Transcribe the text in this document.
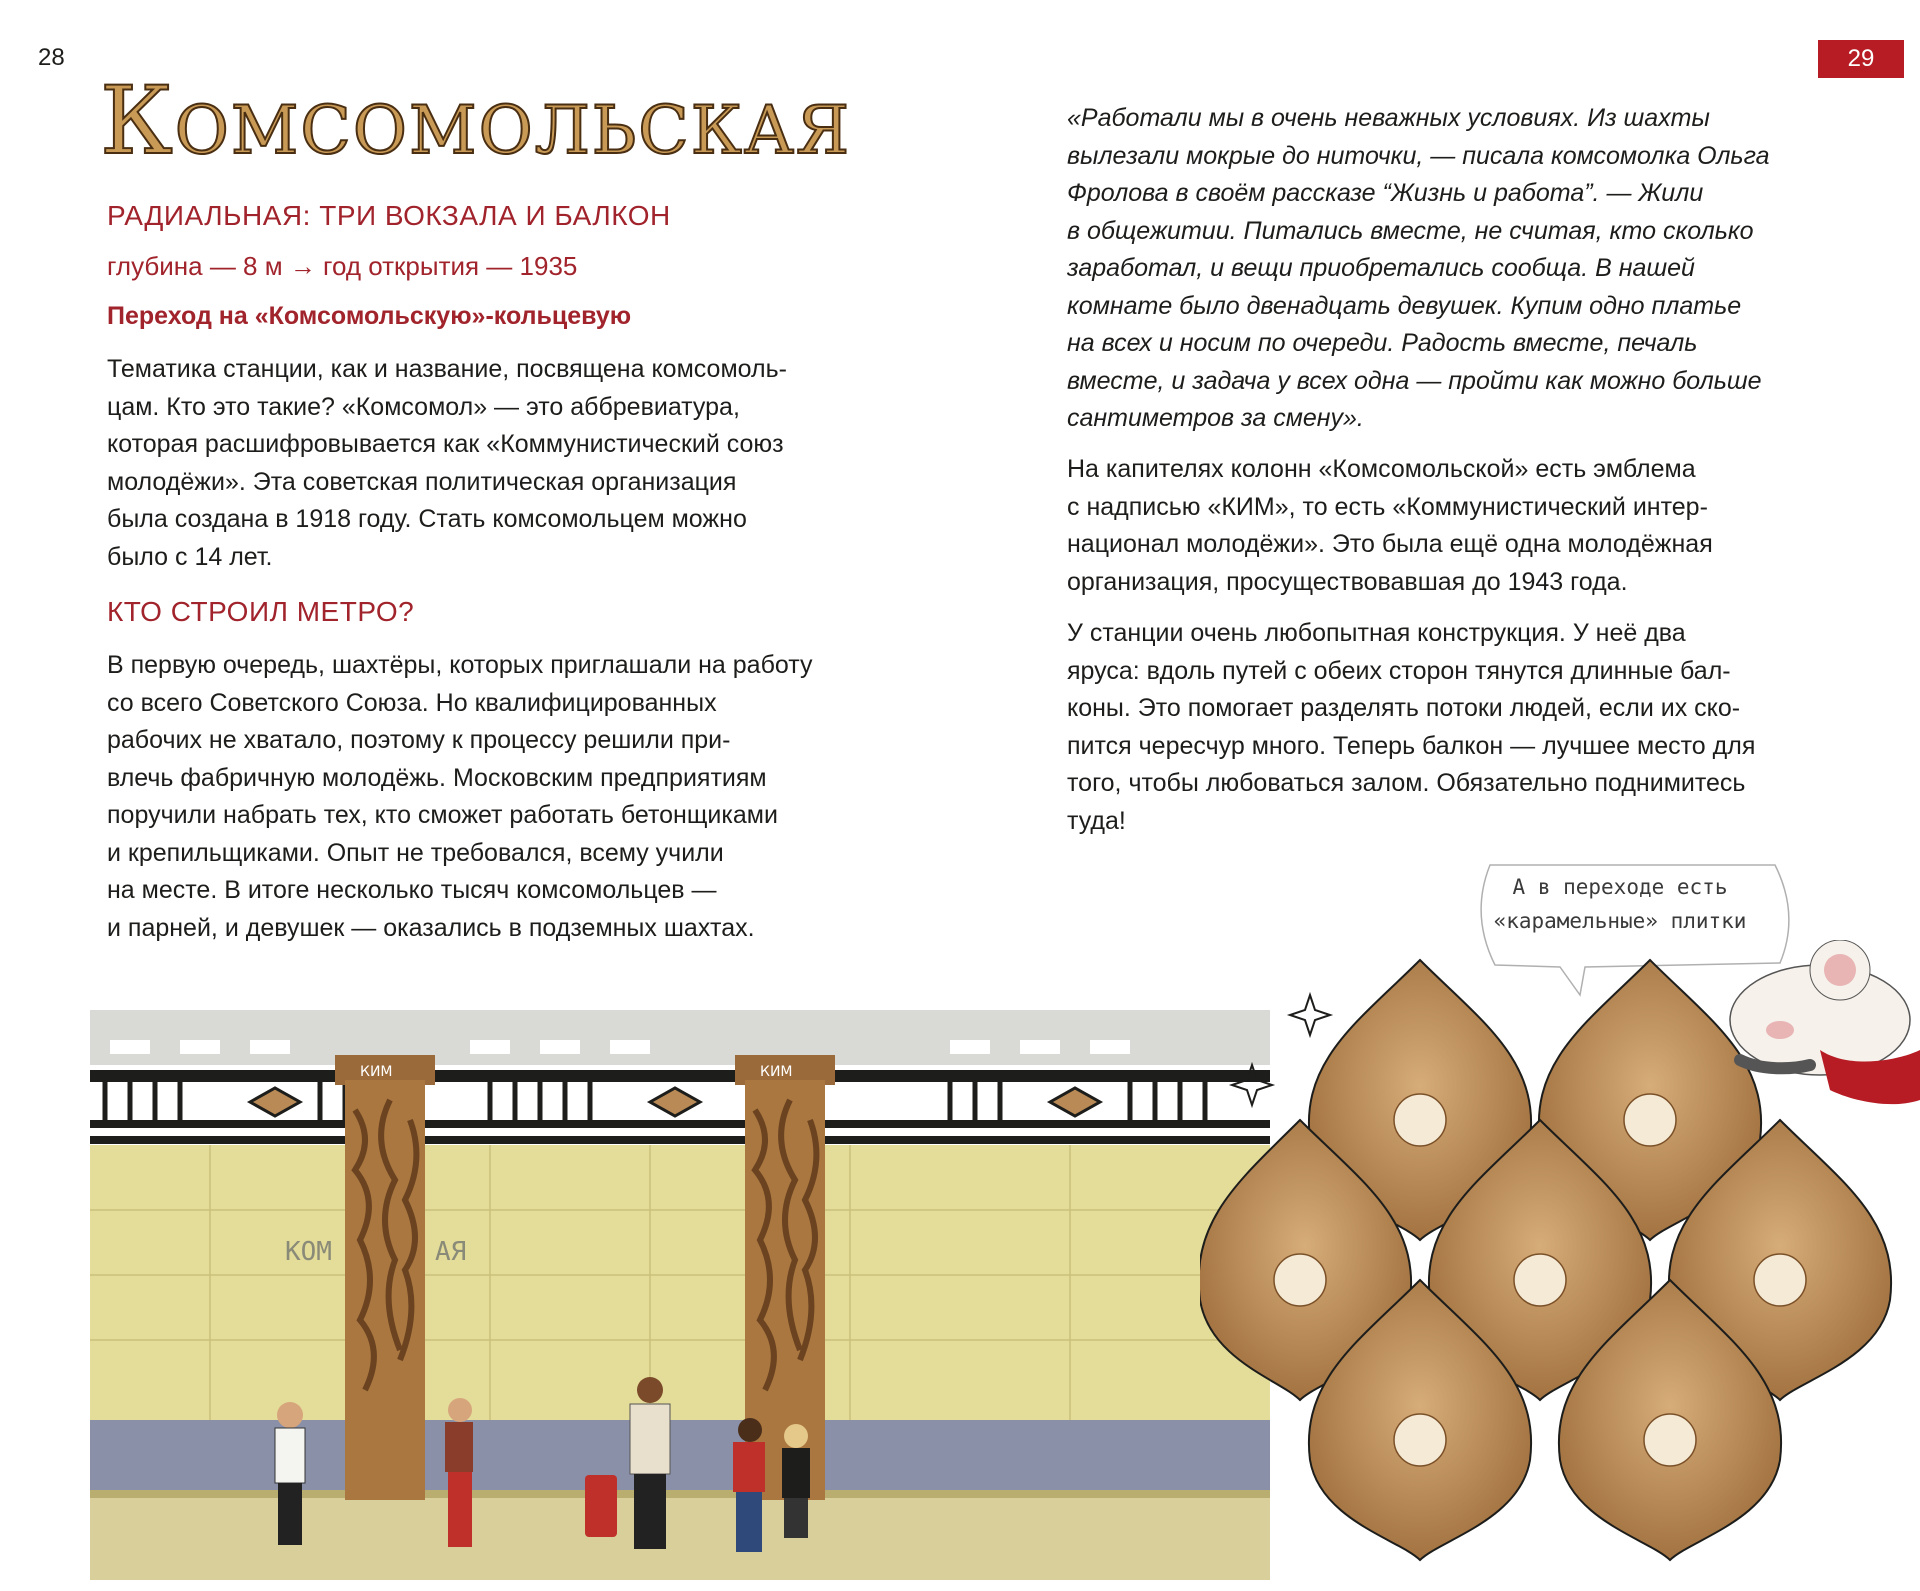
28	29
Комсомольская
РАДИАЛЬНАЯ: ТРИ ВОКЗАЛА И БАЛКОН
глубина — 8 м → год открытия — 1935
Переход на «Комсомольскую»-кольцевую
Тематика станции, как и название, посвящена комсомоль-
цам. Кто это такие? «Комсомол» — это аббревиатура,
которая расшифровывается как «Коммунистический союз
молодёжи». Эта советская политическая организация
была создана в 1918 году. Стать комсомольцем можно
было с 14 лет.
КТО СТРОИЛ МЕТРО?
В первую очередь, шахтёры, которых приглашали на работу
со всего Советского Союза. Но квалифицированных
рабочих не хватало, поэтому к процессу решили при-
влечь фабричную молодёжь. Московским предприятиям
поручили набрать тех, кто сможет работать бетонщиками
и крепильщиками. Опыт не требовался, всему учили
на месте. В итоге несколько тысяч комсомольцев —
и парней, и девушек — оказались в подземных шахтах.
«Работали мы в очень неважных условиях. Из шахты
вылезали мокрые до ниточки, — писала комсомолка Ольга
Фролова в своём рассказе “Жизнь и работа”. — Жили
в общежитии. Питались вместе, не считая, кто сколько
заработал, и вещи приобретались сообща. В нашей
комнате было двенадцать девушек. Купим одно платье
на всех и носим по очереди. Радость вместе, печаль
вместе, и задача у всех одна — пройти как можно больше
сантиметров за смену».
На капителях колонн «Комсомольской» есть эмблема
с надписью «КИМ», то есть «Коммунистический интер-
национал молодёжи». Это была ещё одна молодёжная
организация, просуществовавшая до 1943 года.
У станции очень любопытная конструкция. У неё два
яруса: вдоль путей с обеих сторон тянутся длинные бал-
коны. Это помогает разделять потоки людей, если их ско-
пится чересчур много. Теперь балкон — лучшее место для
того, чтобы любоваться залом. Обязательно поднимитесь
туда!
А в переходе есть
«карамельные» плитки
КОМ	АЯ
КИМ	КИМ
